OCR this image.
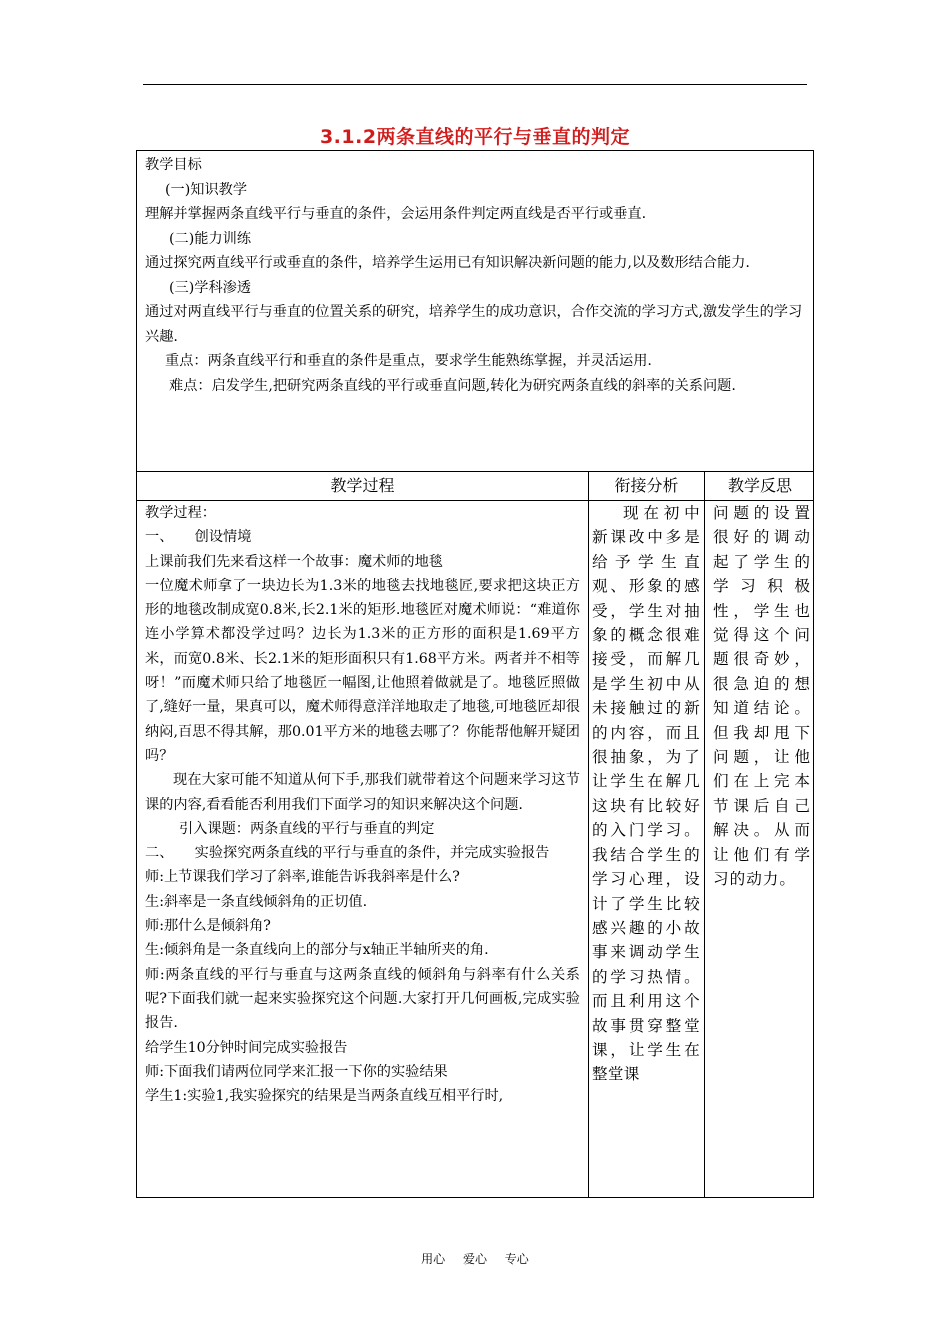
3.1.2两条直线的平行与垂直的判定

教学目标

(一)知识教学

理解并掌握两条直线平行与垂直的条件，会运用条件判定两直线是否平行或垂直.

(二)能力训练

通过探究两直线平行或垂直的条件，培养学生运用已有知识解决新问题的能力,以及数形结合能力.

(三)学科渗透

通过对两直线平行与垂直的位置关系的研究，培养学生的成功意识，合作交流的学习方式,激发学生的学习兴趣.

重点：两条直线平行和垂直的条件是重点，要求学生能熟练掌握，并灵活运用.

难点：启发学生,把研究两条直线的平行或垂直问题,转化为研究两条直线的斜率的关系问题.

教学过程	衔接分析	教学反思

教学过程：

一、　　创设情境

上课前我们先来看这样一个故事：魔术师的地毯

一位魔术师拿了一块边长为1.3米的地毯去找地毯匠,要求把这块正方形的地毯改制成宽0.8米,长2.1米的矩形.地毯匠对魔术师说：“难道你连小学算术都没学过吗？边长为1.3米的正方形的面积是1.69平方米，而宽0.8米、长2.1米的矩形面积只有1.68平方米。两者并不相等呀！”而魔术师只给了地毯匠一幅图,让他照着做就是了。地毯匠照做了,缝好一量，果真可以，魔术师得意洋洋地取走了地毯,可地毯匠却很纳闷,百思不得其解，那0.01平方米的地毯去哪了？你能帮他解开疑团吗？

现在大家可能不知道从何下手,那我们就带着这个问题来学习这节课的内容,看看能否利用我们下面学习的知识来解决这个问题.

引入课题：两条直线的平行与垂直的判定

二、　　实验探究两条直线的平行与垂直的条件，并完成实验报告

师:上节课我们学习了斜率,谁能告诉我斜率是什么?

生:斜率是一条直线倾斜角的正切值.

师:那什么是倾斜角?

生:倾斜角是一条直线向上的部分与x轴正半轴所夹的角.

师:两条直线的平行与垂直与这两条直线的倾斜角与斜率有什么关系呢?下面我们就一起来实验探究这个问题.大家打开几何画板,完成实验报告.

给学生10分钟时间完成实验报告

师:下面我们请两位同学来汇报一下你的实验结果

学生1:实验1,我实验探究的结果是当两条直线互相平行时,

现在初中新课改中多是给予学生直观、形象的感受，学生对抽象的概念很难接受，而解几是学生初中从未接触过的新的内容，而且很抽象，为了让学生在解几这块有比较好的入门学习。我结合学生的学习心理，设计了学生比较感兴趣的小故事来调动学生的学习热情。而且利用这个故事贯穿整堂课，让学生在整堂课

问题的设置很好的调动起了学生的学习积极性，学生也觉得这个问题很奇妙，很急迫的想知道结论。但我却甩下问题，让他们在上完本节课后自己解决。从而让他们有学习的动力。

用心 爱心 专心
